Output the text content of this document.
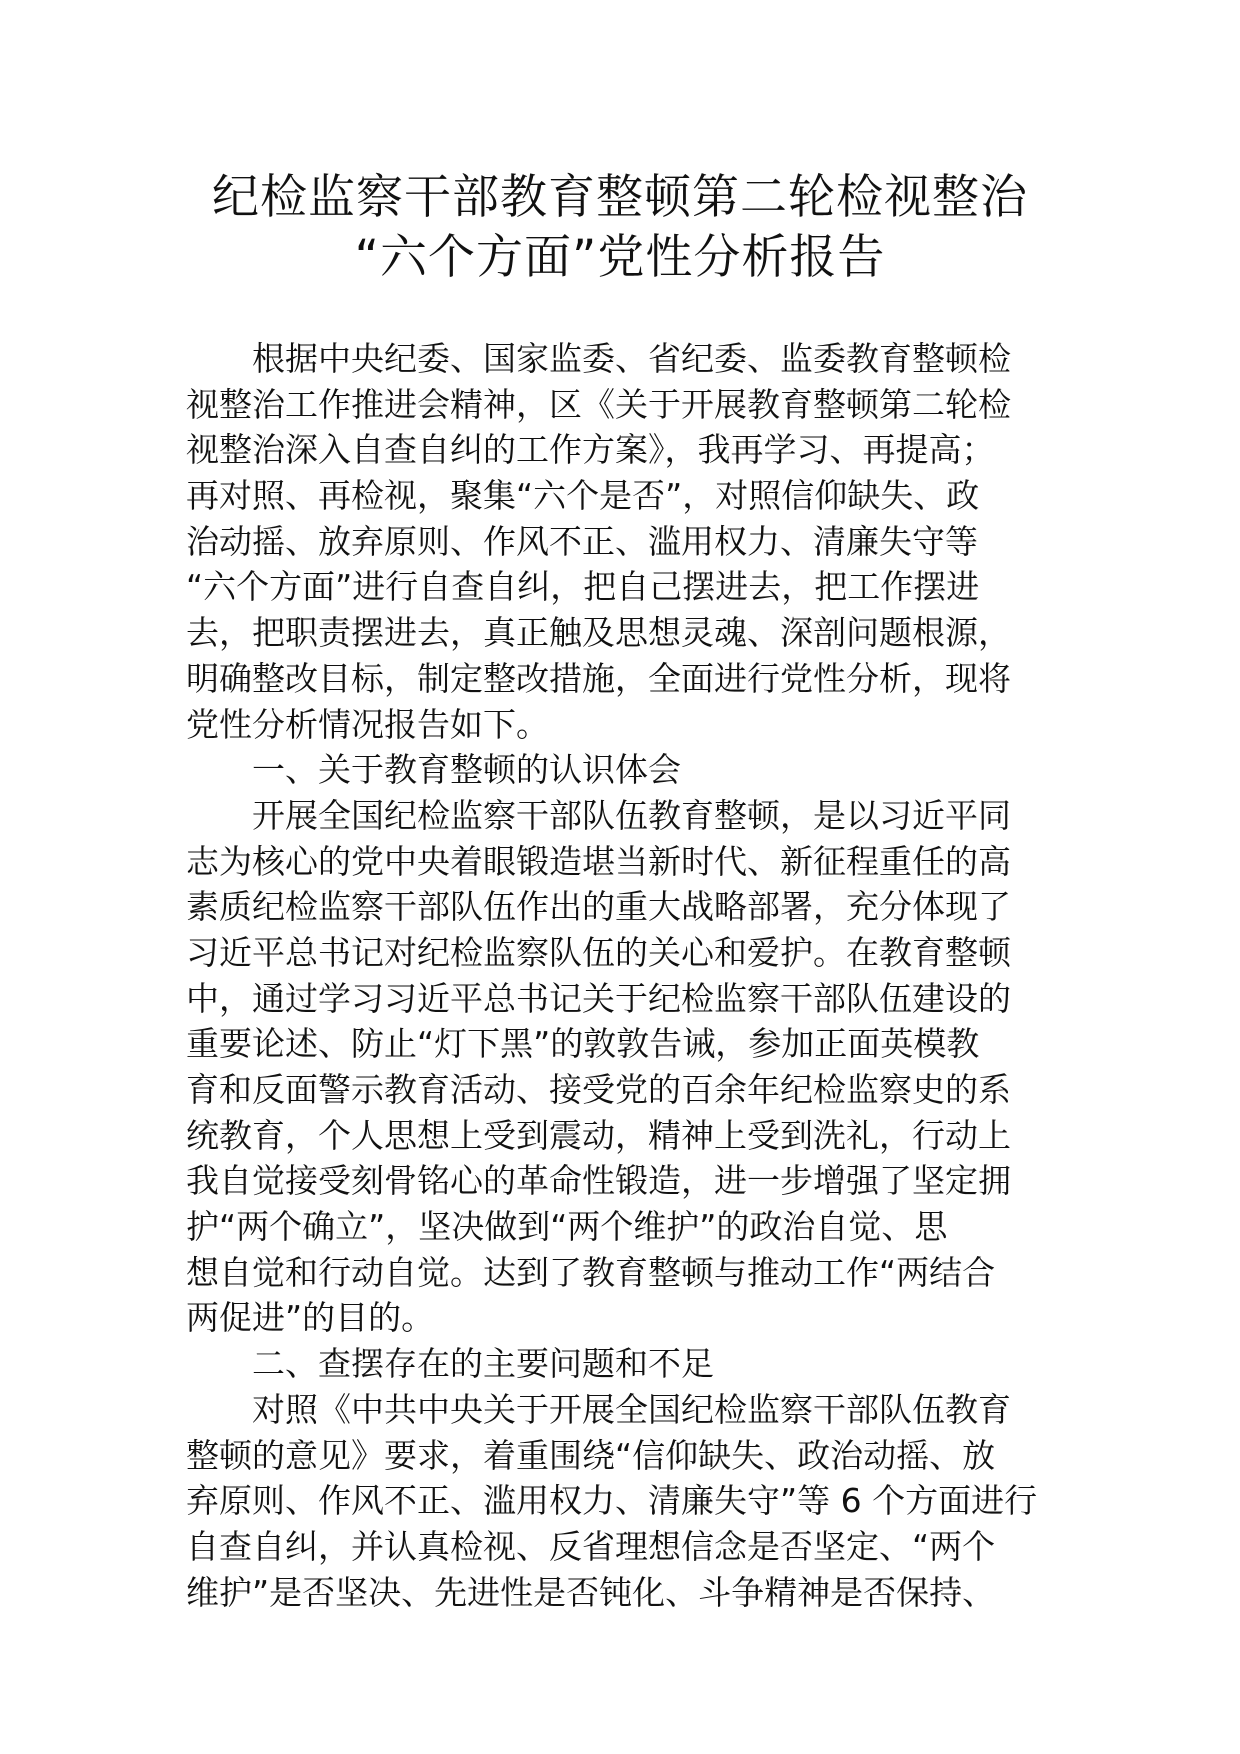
纪检监察干部教育整顿第二轮检视整治
“六个方面”党性分析报告
根据中央纪委、国家监委、省纪委、监委教育整顿检
视整治工作推进会精神，区《关于开展教育整顿第二轮检
视整治深入自查自纠的工作方案》，我再学习、再提高；
再对照、再检视，聚集“六个是否”，对照信仰缺失、政
治动摇、放弃原则、作风不正、滥用权力、清廉失守等
“六个方面”进行自查自纠，把自己摆进去，把工作摆进
去，把职责摆进去，真正触及思想灵魂、深剖问题根源，
明确整改目标，制定整改措施，全面进行党性分析，现将
党性分析情况报告如下。
一、关于教育整顿的认识体会
开展全国纪检监察干部队伍教育整顿，是以习近平同
志为核心的党中央着眼锻造堪当新时代、新征程重任的高
素质纪检监察干部队伍作出的重大战略部署，充分体现了
习近平总书记对纪检监察队伍的关心和爱护。在教育整顿
中，通过学习习近平总书记关于纪检监察干部队伍建设的
重要论述、防止“灯下黑”的敦敦告诫，参加正面英模教
育和反面警示教育活动、接受党的百余年纪检监察史的系
统教育，个人思想上受到震动，精神上受到洗礼，行动上
我自觉接受刻骨铭心的革命性锻造，进一步增强了坚定拥
护“两个确立”，坚决做到“两个维护”的政治自觉、思
想自觉和行动自觉。达到了教育整顿与推动工作“两结合
两促进”的目的。
二、查摆存在的主要问题和不足
对照《中共中央关于开展全国纪检监察干部队伍教育
整顿的意见》要求，着重围绕“信仰缺失、政治动摇、放
弃原则、作风不正、滥用权力、清廉失守”等 6 个方面进行
自查自纠，并认真检视、反省理想信念是否坚定、“两个
维护”是否坚决、先进性是否钝化、斗争精神是否保持、
